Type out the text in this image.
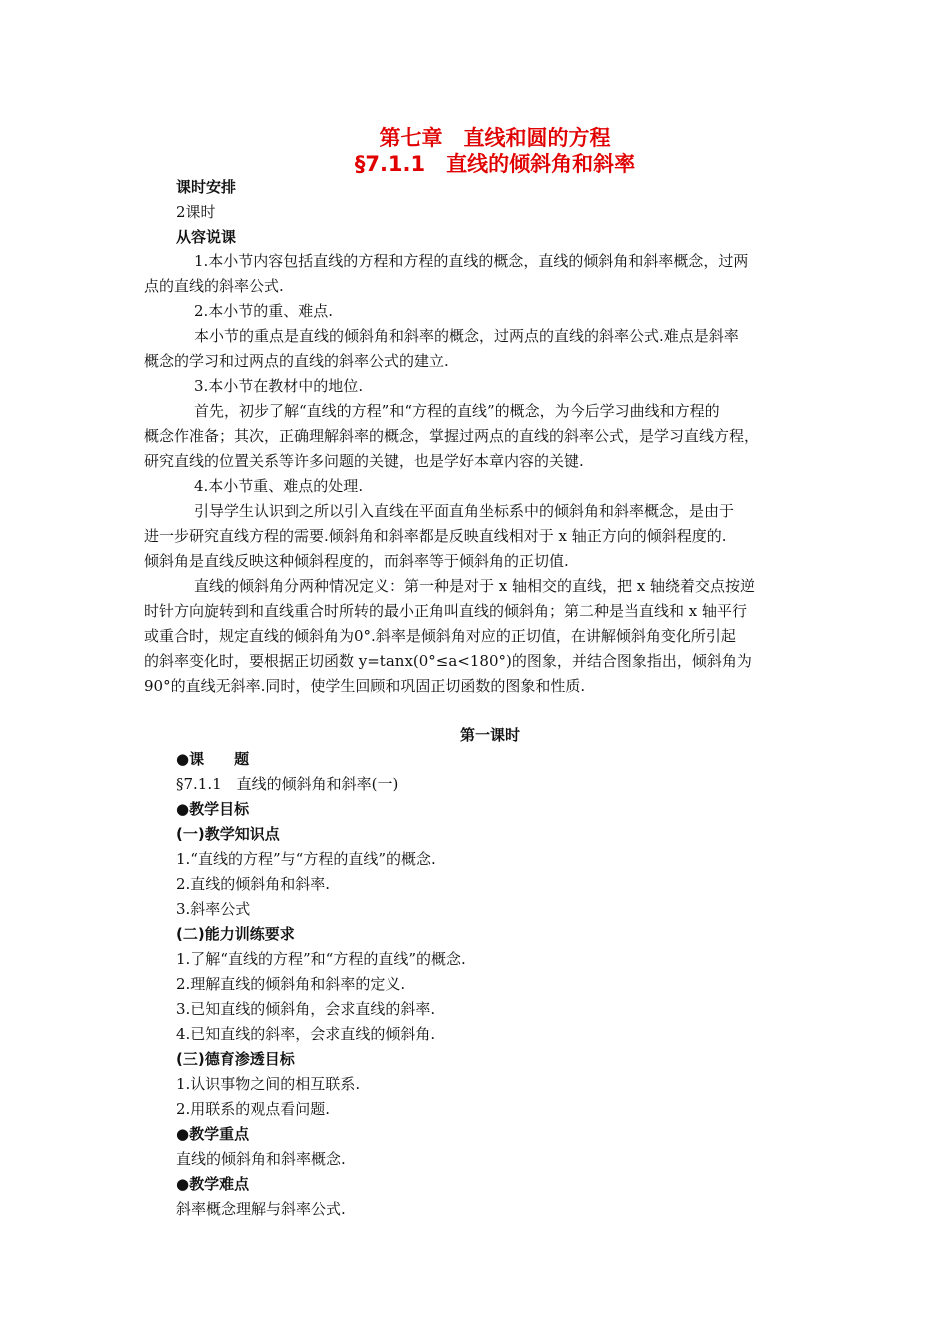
第七章　直线和圆的方程
§7.1.1　直线的倾斜角和斜率
课时安排
2课时
从容说课
1.本小节内容包括直线的方程和方程的直线的概念，直线的倾斜角和斜率概念，过两
点的直线的斜率公式.
2.本小节的重、难点.
本小节的重点是直线的倾斜角和斜率的概念，过两点的直线的斜率公式.难点是斜率
概念的学习和过两点的直线的斜率公式的建立.
3.本小节在教材中的地位.
首先，初步了解“直线的方程”和“方程的直线”的概念，为今后学习曲线和方程的
概念作准备；其次，正确理解斜率的概念，掌握过两点的直线的斜率公式，是学习直线方程，
研究直线的位置关系等许多问题的关键，也是学好本章内容的关键.
4.本小节重、难点的处理.
引导学生认识到之所以引入直线在平面直角坐标系中的倾斜角和斜率概念，是由于
进一步研究直线方程的需要.倾斜角和斜率都是反映直线相对于 x 轴正方向的倾斜程度的.
倾斜角是直线反映这种倾斜程度的，而斜率等于倾斜角的正切值.
直线的倾斜角分两种情况定义：第一种是对于 x 轴相交的直线，把 x 轴绕着交点按逆
时针方向旋转到和直线重合时所转的最小正角叫直线的倾斜角；第二种是当直线和 x 轴平行
或重合时，规定直线的倾斜角为0°.斜率是倾斜角对应的正切值，在讲解倾斜角变化所引起
的斜率变化时，要根据正切函数 y=tanx(0°≤a<180°)的图象，并结合图象指出，倾斜角为
90°的直线无斜率.同时，使学生回顾和巩固正切函数的图象和性质.
第一课时
●课　　题
§7.1.1　直线的倾斜角和斜率(一)
●教学目标
(一)教学知识点
1.“直线的方程”与“方程的直线”的概念.
2.直线的倾斜角和斜率.
3.斜率公式
(二)能力训练要求
1.了解“直线的方程”和“方程的直线”的概念.
2.理解直线的倾斜角和斜率的定义.
3.已知直线的倾斜角，会求直线的斜率.
4.已知直线的斜率，会求直线的倾斜角.
(三)德育渗透目标
1.认识事物之间的相互联系.
2.用联系的观点看问题.
●教学重点
直线的倾斜角和斜率概念.
●教学难点
斜率概念理解与斜率公式.
